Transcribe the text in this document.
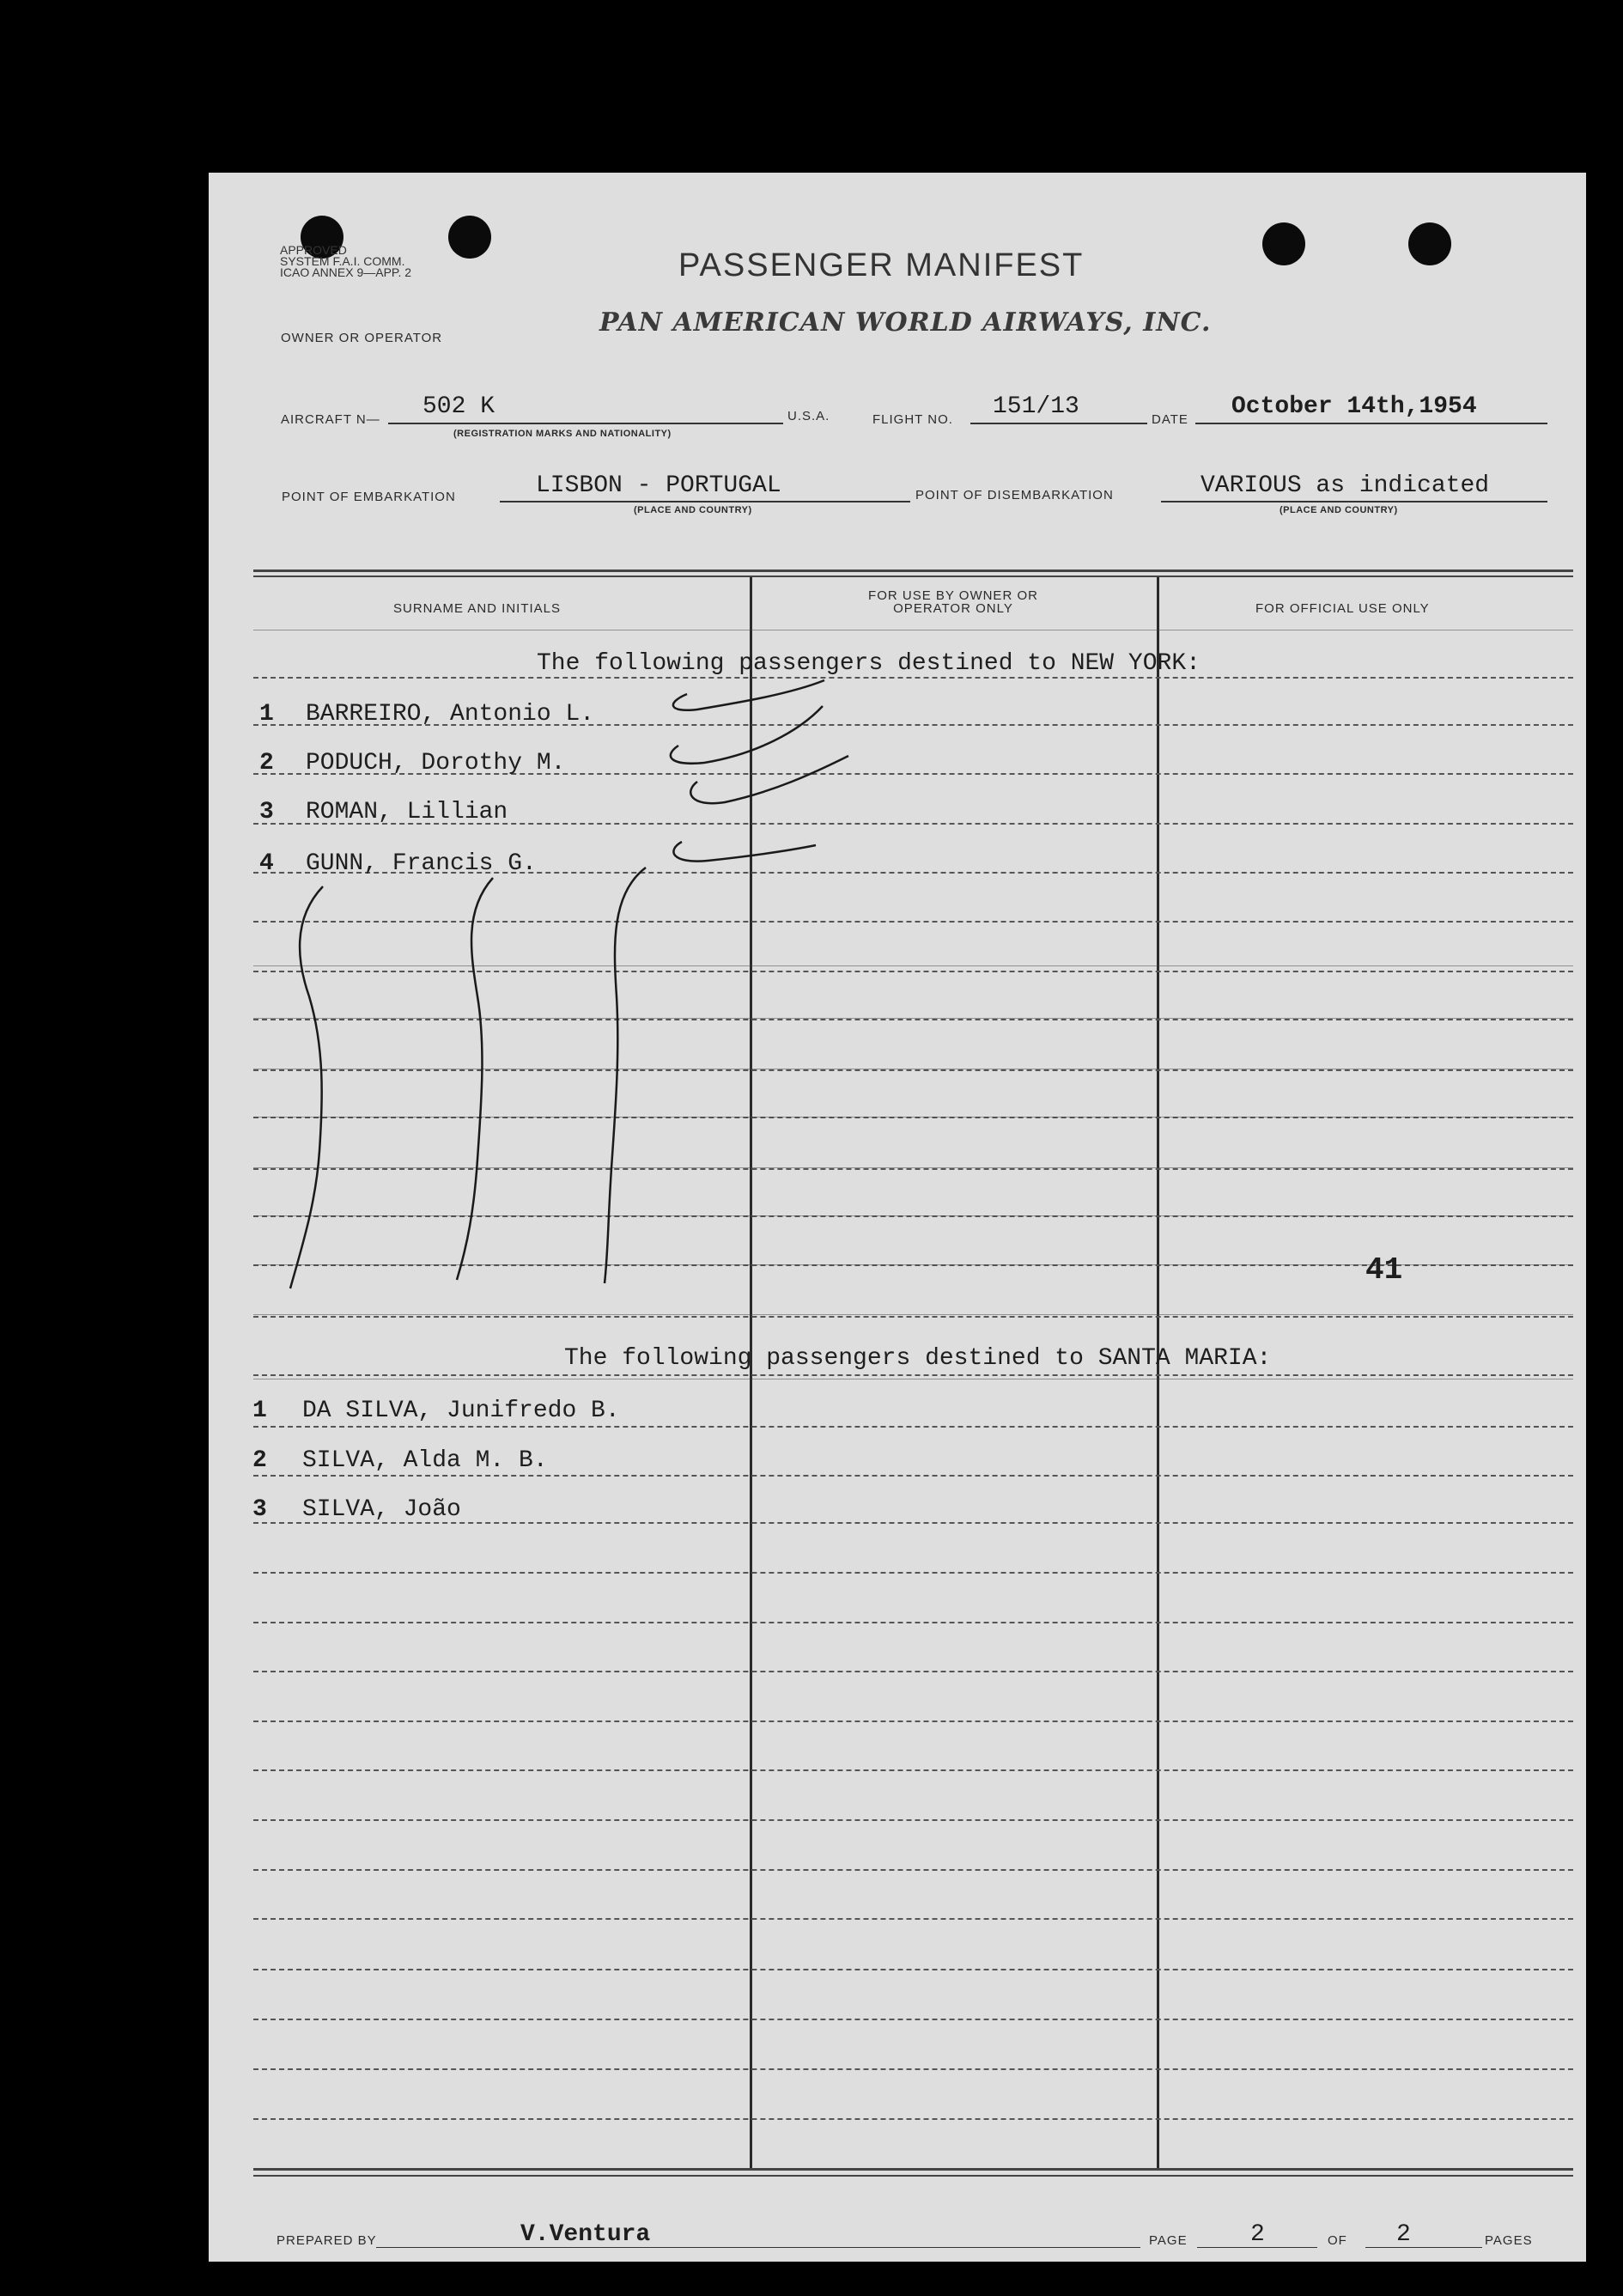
APPROVED
SYSTEM F.A.I. COMM.
ICAO ANNEX 9—APP. 2	PASSENGER MANIFEST
OWNER OR OPERATOR
PAN AMERICAN WORLD AIRWAYS, INC.
AIRCRAFT N— 502 K
(REGISTRATION MARKS AND NATIONALITY)
U.S.A.	FLIGHT NO. 151/13	DATE October 14th,1954
POINT OF EMBARKATION	LISBON - PORTUGAL
(PLACE AND COUNTRY)
POINT OF DISEMBARKATION	VARIOUS as indicated
(PLACE AND COUNTRY)
SURNAME AND INITIALS
FOR USE BY OWNER OR OPERATOR ONLY	FOR OFFICIAL USE ONLY
The following passengers destined to NEW YORK:
1 BARREIRO, Antonio L.
2 PODUCH, Dorothy M.
3 ROMAN, Lillian
4 GUNN, Francis G.
41
The following passengers destined to SANTA MARIA:
1 DA SILVA, Junifredo B.
2 SILVA, Alda M. B.
3 SILVA, João
PREPARED BY	V.Ventura	PAGE	2	OF 2	PAGES
